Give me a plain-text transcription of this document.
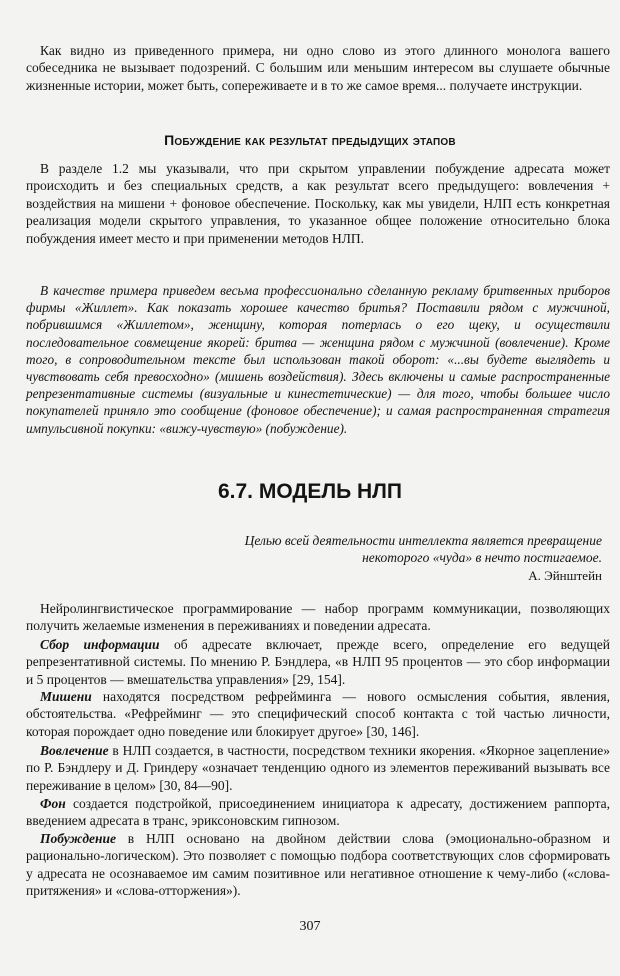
Как видно из приведенного примера, ни одно слово из этого длинного монолога вашего собеседника не вызывает подозрений. С большим или меньшим интересом вы слушаете обычные жизненные истории, может быть, сопереживаете и в то же самое время... получаете инструкции.

Побуждение как результат предыдущих этапов

В разделе 1.2 мы указывали, что при скрытом управлении побуждение адресата может происходить и без специальных средств, а как результат всего предыдущего: вовлечения + воздействия на мишени + фоновое обеспечение. Поскольку, как мы увидели, НЛП есть конкретная реализация модели скрытого управления, то указанное общее положение относительно блока побуждения имеет место и при применении методов НЛП.

В качестве примера приведем весьма профессионально сделанную рекламу бритвенных приборов фирмы «Жиллет». Как показать хорошее качество бритья? Поставили рядом с мужчиной, побрившимся «Жиллетом», женщину, которая потерлась о его щеку, и осуществили последовательное совмещение якорей: бритва — женщина рядом с мужчиной (вовлечение). Кроме того, в сопроводительном тексте был использован такой оборот: «...вы будете выглядеть и чувствовать себя превосходно» (мишень воздействия). Здесь включены и самые распространенные репрезентативные системы (визуальные и кинестетические) — для того, чтобы большее число покупателей приняло это сообщение (фоновое обеспечение); и самая распространенная стратегия импульсивной покупки: «вижу-чувствую» (побуждение).

6.7. МОДЕЛЬ НЛП

Целью всей деятельности интеллекта является превращение некоторого «чуда» в нечто постигаемое.

А. Эйнштейн

Нейролингвистическое программирование — набор программ коммуникации, позволяющих получить желаемые изменения в переживаниях и поведении адресата.

Сбор информации об адресате включает, прежде всего, определение его ведущей репрезентативной системы. По мнению Р. Бэндлера, «в НЛП 95 процентов — это сбор информации и 5 процентов — вмешательства управления» [29, 154].

Мишени находятся посредством рефрейминга — нового осмысления события, явления, обстоятельства. «Рефрейминг — это специфический способ контакта с той частью личности, которая порождает одно поведение или блокирует другое» [30, 146].

Вовлечение в НЛП создается, в частности, посредством техники якорения. «Якорное зацепление» по Р. Бэндлеру и Д. Гриндеру «означает тенденцию одного из элементов переживаний вызывать все переживание в целом» [30, 84—90].

Фон создается подстройкой, присоединением инициатора к адресату, достижением раппорта, введением адресата в транс, эриксоновским гипнозом.

Побуждение в НЛП основано на двойном действии слова (эмоционально-образном и рационально-логическом). Это позволяет с помощью подбора соответствующих слов сформировать у адресата не осознаваемое им самим позитивное или негативное отношение к чему-либо («слова-притяжения» и «слова-отторжения»).

307
